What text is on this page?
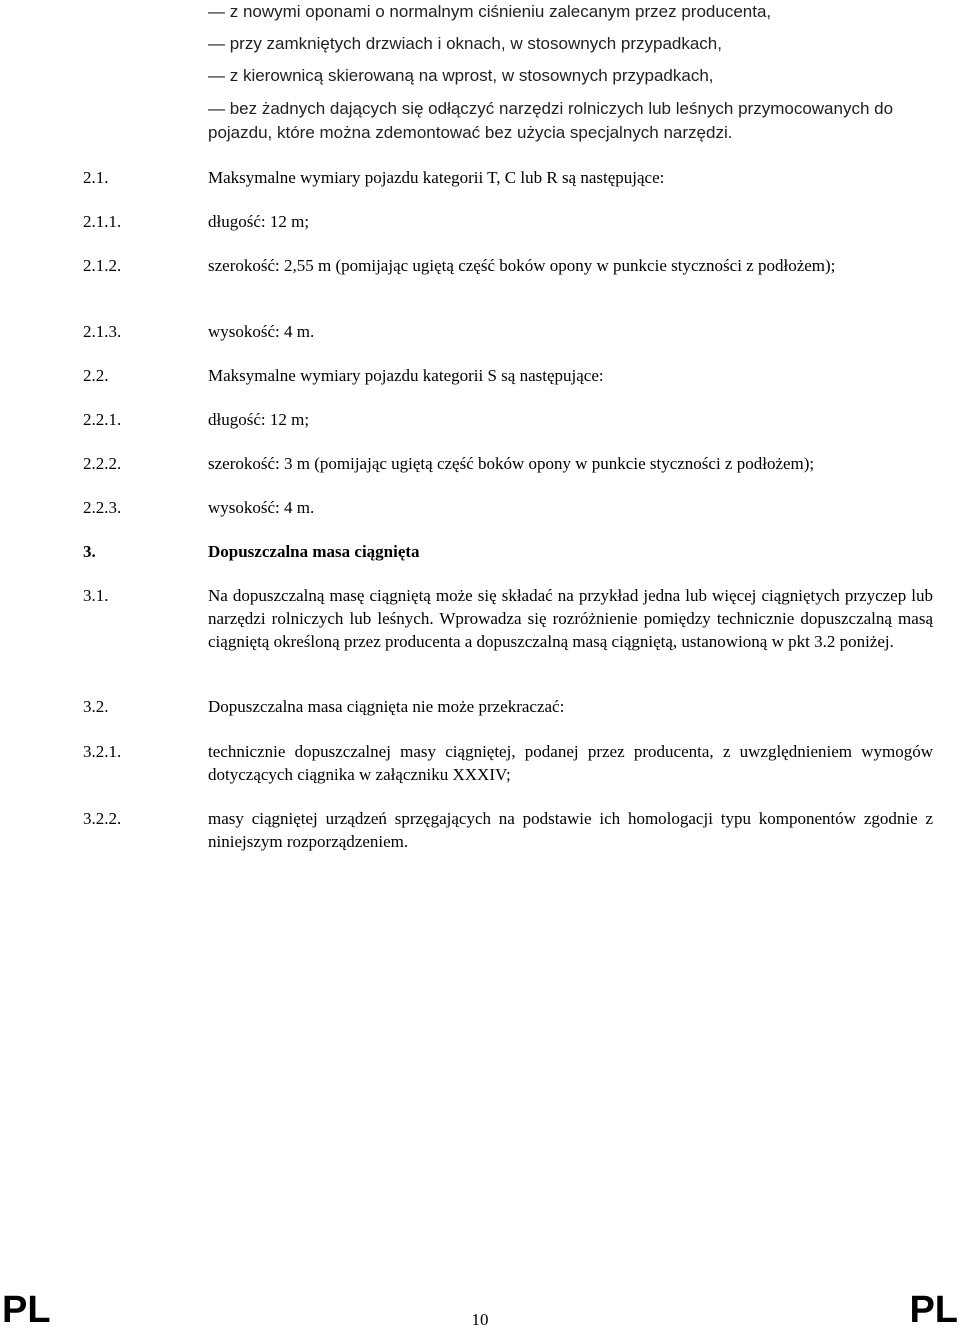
— z nowymi oponami o normalnym ciśnieniu zalecanym przez producenta,
— przy zamkniętych drzwiach i oknach, w stosownych przypadkach,
— z kierownicą skierowaną na wprost, w stosownych przypadkach,
— bez żadnych dających się odłączyć narzędzi rolniczych lub leśnych przymocowanych do pojazdu, które można zdemontować bez użycia specjalnych narzędzi.
2.1.	Maksymalne wymiary pojazdu kategorii T, C lub R są następujące:
2.1.1.	długość: 12 m;
2.1.2.	szerokość: 2,55 m (pomijając ugiętą część boków opony w punkcie styczności z podłożem);
2.1.3.	wysokość: 4 m.
2.2.	Maksymalne wymiary pojazdu kategorii S są następujące:
2.2.1.	długość: 12 m;
2.2.2.	szerokość: 3 m (pomijając ugiętą część boków opony w punkcie styczności z podłożem);
2.2.3.	wysokość: 4 m.
3.	Dopuszczalna masa ciągnięta
3.1.	Na dopuszczalną masę ciągniętą może się składać na przykład jedna lub więcej ciągniętych przyczep lub narzędzi rolniczych lub leśnych. Wprowadza się rozróżnienie pomiędzy technicznie dopuszczalną masą ciągniętą określoną przez producenta a dopuszczalną masą ciągniętą, ustanowioną w pkt 3.2 poniżej.
3.2.	Dopuszczalna masa ciągnięta nie może przekraczać:
3.2.1.	technicznie dopuszczalnej masy ciągniętej, podanej przez producenta, z uwzględnieniem wymogów dotyczących ciągnika w załączniku XXXIV;
3.2.2.	masy ciągniętej urządzeń sprzęgających na podstawie ich homologacji typu komponentów zgodnie z niniejszym rozporządzeniem.
PL	10	PL
